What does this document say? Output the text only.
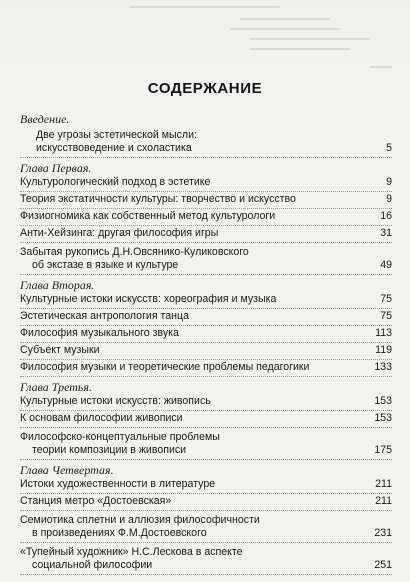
СОДЕРЖАНИЕ
Введение.
Две угрозы эстетической мысли:
искусствоведение и схоластика	5
Глава Первая.
Культурологический подход в эстетике	9
Теория экстатичности культуры: творчество и искусство	9
Физиогномика как собственный метод культурологи	16
Анти-Хейзинга: другая философия игры	31
Забытая рукопись Д.Н.Овсянико-Куликовского
об экстазе в языке и культуре	49
Глава Вторая.
Культурные истоки искусств: хореография и музыка	75
Эстетическая антропология танца	75
Философия музыкального звука	113
Субъект музыки	119
Философия музыки и теоретические проблемы педагогики	133
Глава Третья.
Культурные истоки искусств: живопись	153
К основам философии живописи	153
Философско-концептуальные проблемы
теории композиции в живописи	175
Глава Четвертая.
Истоки художественности в литературе	211
Станция метро «Достоевская»	211
Семиотика сплетни и аллюзия философичности
в произведениях Ф.М.Достоевского	231
«Тупейный художник» Н.С.Лескова в аспекте
социальной философии	251
